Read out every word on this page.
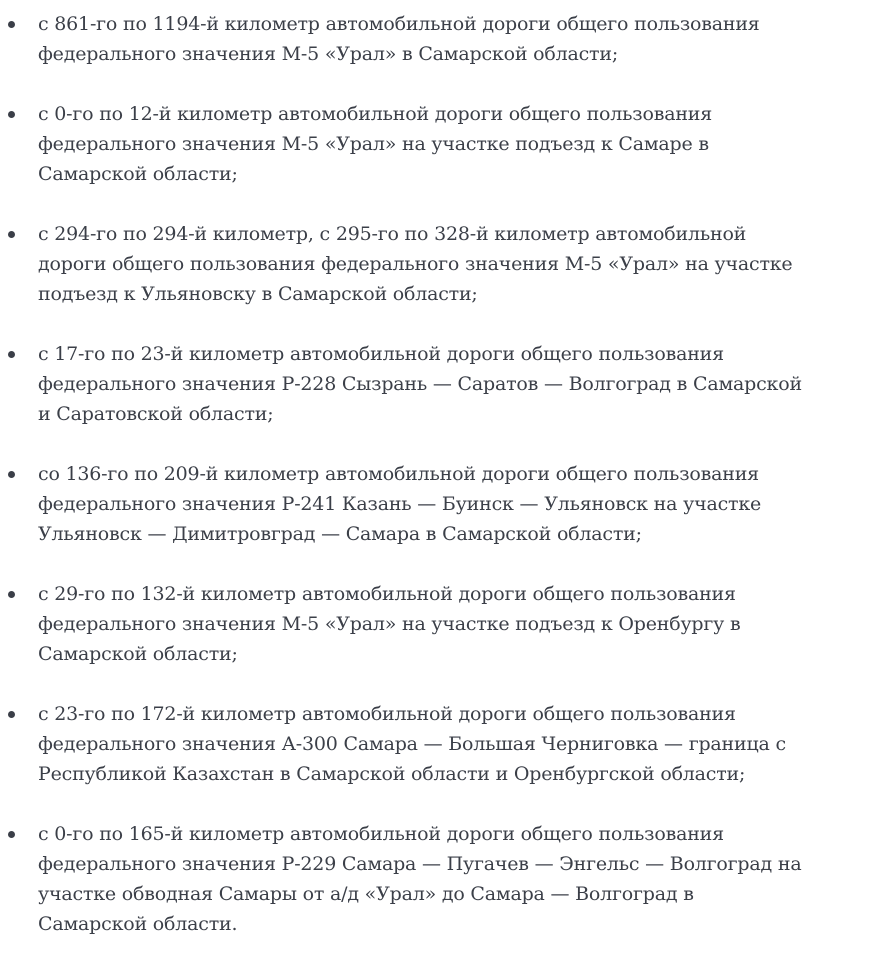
с 861-го по 1194-й километр автомобильной дороги общего пользования
федерального значения М-5 «Урал» в Самарской области;
с 0-го по 12-й километр автомобильной дороги общего пользования
федерального значения М-5 «Урал» на участке подъезд к Самаре в
Самарской области;
с 294-го по 294-й километр, с 295-го по 328-й километр автомобильной
дороги общего пользования федерального значения М-5 «Урал» на участке
подъезд к Ульяновску в Самарской области;
с 17-го по 23-й километр автомобильной дороги общего пользования
федерального значения Р-228 Сызрань — Саратов — Волгоград в Самарской
и Саратовской области;
со 136-го по 209-й километр автомобильной дороги общего пользования
федерального значения Р-241 Казань — Буинск — Ульяновск на участке
Ульяновск — Димитровград — Самара в Самарской области;
с 29-го по 132-й километр автомобильной дороги общего пользования
федерального значения М-5 «Урал» на участке подъезд к Оренбургу в
Самарской области;
с 23-го по 172-й километр автомобильной дороги общего пользования
федерального значения А-300 Самара — Большая Черниговка — граница с
Республикой Казахстан в Самарской области и Оренбургской области;
с 0-го по 165-й километр автомобильной дороги общего пользования
федерального значения Р-229 Самара — Пугачев — Энгельс — Волгоград на
участке обводная Самары от а/д «Урал» до Самара — Волгоград в
Самарской области.
